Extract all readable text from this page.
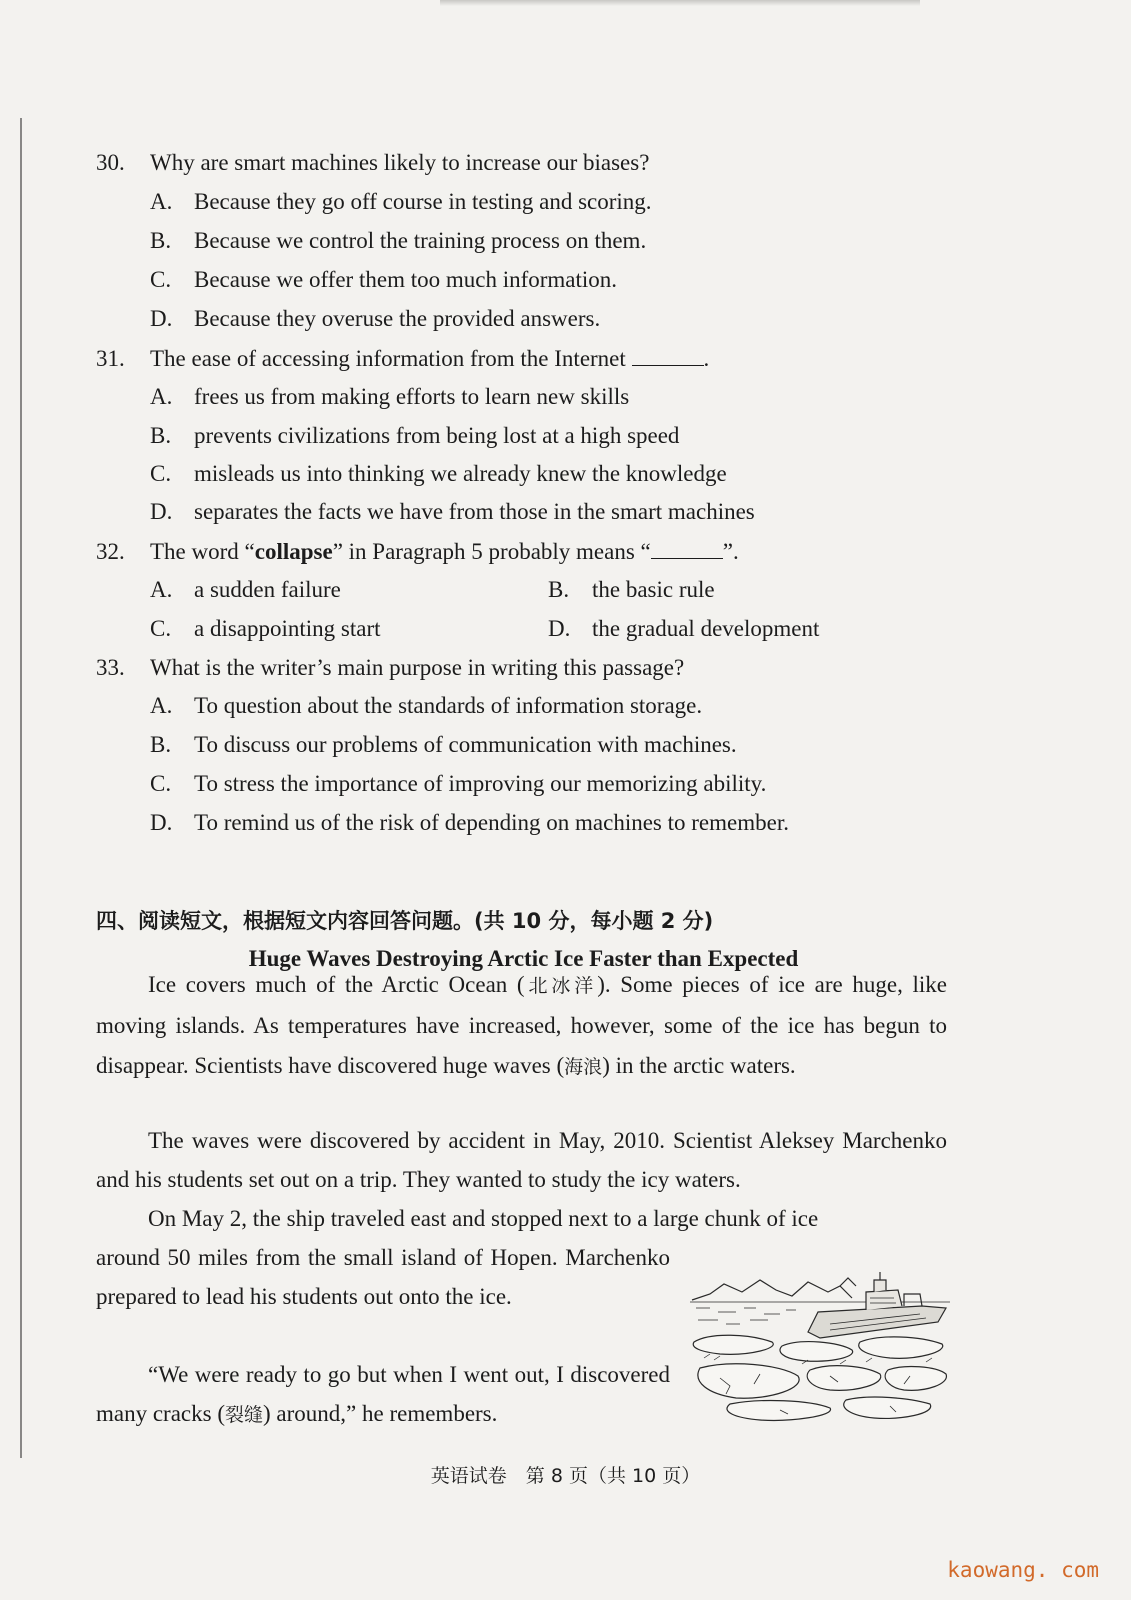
30. Why are smart machines likely to increase our biases?
A. Because they go off course in testing and scoring.
B. Because we control the training process on them.
C. Because we offer them too much information.
D. Because they overuse the provided answers.
31. The ease of accessing information from the Internet	.
A. frees us from making efforts to learn new skills
B. prevents civilizations from being lost at a high speed
C. misleads us into thinking we already knew the knowledge
D. separates the facts we have from those in the smart machines
32. The word “collapse” in Paragraph 5 probably means “	”.
A. a sudden failure	B. the basic rule
C. a disappointing start	D. the gradual development
33. What is the writer’s main purpose in writing this passage?
A. To question about the standards of information storage.
B. To discuss our problems of communication with machines.
C. To stress the importance of improving our memorizing ability.
D. To remind us of the risk of depending on machines to remember.
四、阅读短文，根据短文内容回答问题。(共 10 分，每小题 2 分)
Huge Waves Destroying Arctic Ice Faster than Expected
Ice covers much of the Arctic Ocean (北冰洋). Some pieces of ice are huge, like moving islands. As temperatures have increased, however, some of the ice has begun to disappear. Scientists have discovered huge waves (海浪) in the arctic waters.
The waves were discovered by accident in May, 2010. Scientist Aleksey Marchenko and his students set out on a trip. They wanted to study the icy waters.
On May 2, the ship traveled east and stopped next to a large chunk of ice
around 50 miles from the small island of Hopen. Marchenko prepared to lead his students out onto the ice.
“We were ready to go but when I went out, I discovered many cracks (裂缝) around,” he remembers.
英语试卷　第 8 页（共 10 页）
kaowang. com
